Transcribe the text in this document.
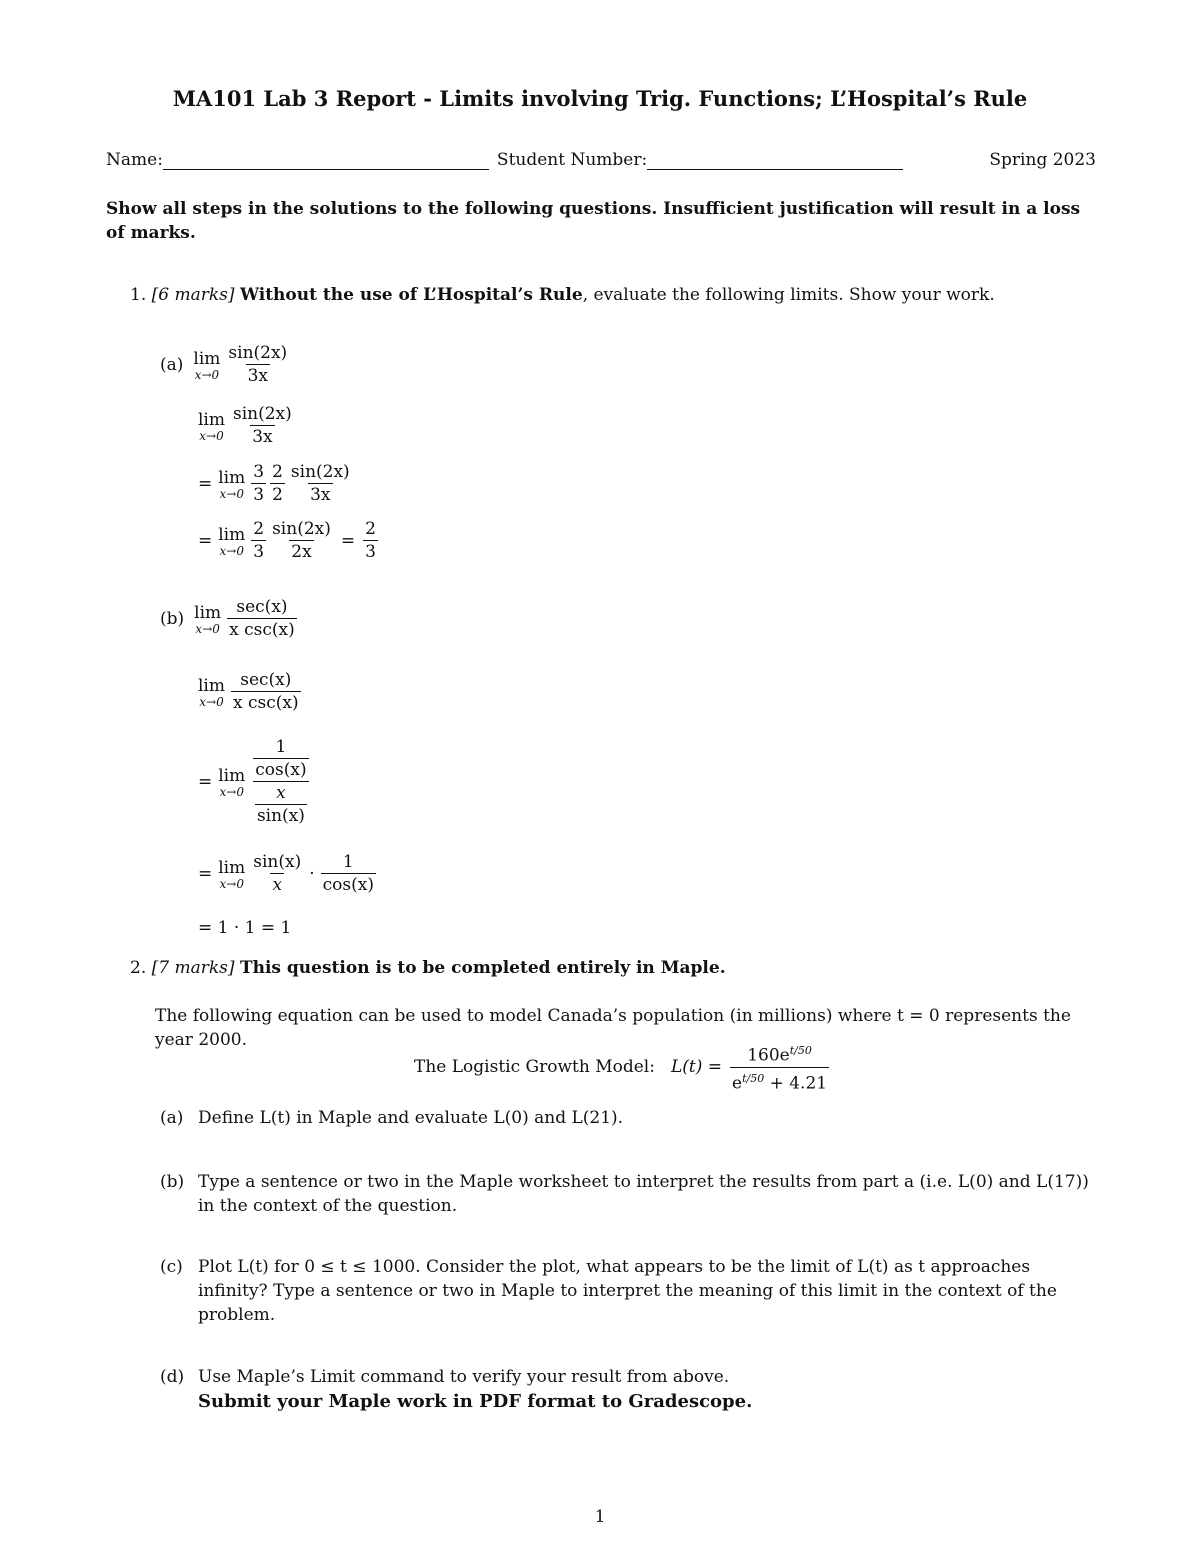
MA101 Lab 3 Report - Limits involving Trig. Functions; L’Hospital’s Rule
Name:	Student Number:	Spring 2023
Show all steps in the solutions to the following questions. Insufficient justification will result in a loss of marks.
1. [6 marks] Without the use of L’Hospital’s Rule, evaluate the following limits. Show your work.
(a) lim
$x\to 0 \frac{\sin(2x)}{3x}$
lim
$x\to 0 \frac{\sin(2x)}{3x}$
= lim
$x\to 0 \frac{3}{3} \frac{2}{2} \frac{\sin(2x)}{3x}$
= lim
$x\to 0 \frac{2}{3} \frac{\sin(2x)}{2x} = \frac{2}{3}$
(b) lim
$x\to 0 \frac{\sec(x)}{\text{x csc(x)}}$
lim
$x\to 0 \frac{\sec(x)}{\text{x csc(x)}}$
= lim
x→0 1
cos(x)
x
sin(x)
= lim
$x\to 0 \frac{\sin(x)}{x} \cdot \frac{1}{\cos(x)}$
= 1 · 1 = 1
2. [7 marks] This question is to be completed entirely in Maple.
The following equation can be used to model Canada’s population (in millions) where t = 0 represents the year 2000.
The Logistic Growth Model: $L(t) = \frac{160e^{t/50}}{e^{t/50} + 4.21}$
(a) Define L(t) in Maple and evaluate L(0) and L(21).
(b) Type a sentence or two in the Maple worksheet to interpret the results from part a (i.e. L(0) and L(17)) in the context of the question.
(c) Plot L(t) for 0 ≤ t ≤ 1000. Consider the plot, what appears to be the limit of L(t) as t approaches infinity? Type a sentence or two in Maple to interpret the meaning of this limit in the context of the problem.
(d) Use Maple’s Limit command to verify your result from above.
Submit your Maple work in PDF format to Gradescope.
1
